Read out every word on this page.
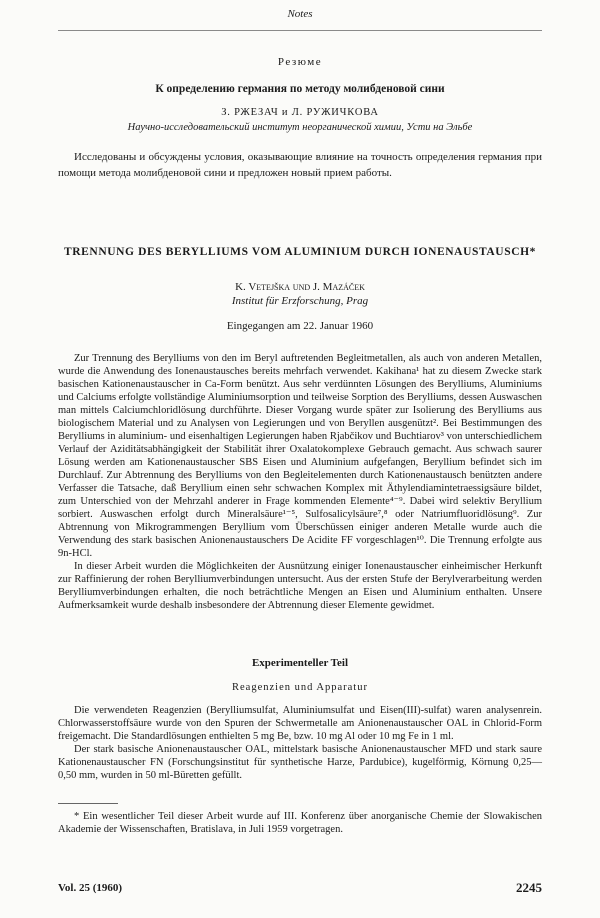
Notes
Резюме
К определению германия по методу молибденовой сини
З. РЖЕЗАЧ и Л. РУЖИЧКОВА
Научно-исследовательский институт неорганической химии, Усти на Эльбе
Исследованы и обсуждены условия, оказывающие влияние на точность определения германия при помощи метода молибденовой сини и предложен новый прием работы.
TRENNUNG DES BERYLLIUMS VOM ALUMINIUM DURCH IONENAUSTAUSCH*
K. Vetejška und J. Mazáček
Institut für Erzforschung, Prag
Eingegangen am 22. Januar 1960

Zur Trennung des Berylliums von den im Beryl auftretenden Begleitmetallen, als auch von anderen Metallen, wurde die Anwendung des Ionenaustausches bereits mehrfach verwendet. Kakihana¹ hat zu diesem Zwecke stark basischen Kationenaustauscher in Ca-Form benützt. Aus sehr verdünnten Lösungen des Berylliums, Aluminiums und Calciums erfolgte vollständige Aluminiumsorption und teilweise Sorption des Berylliums, dessen Auswaschen man mittels Calciumchloridlösung durchführte. Dieser Vorgang wurde später zur Isolierung des Berylliums aus biologischem Material und zu Analysen von Legierungen und von Beryllen ausgenützt². Bei Bestimmungen des Berylliums in aluminium- und eisenhaltigen Legierungen haben Rjabčikov und Buchtiarov³ von unterschiedlichem Verlauf der Aziditätsabhängigkeit der Stabilität ihrer Oxalatokomplexe Gebrauch gemacht. Aus schwach saurer Lösung werden am Kationenaustauscher SBS Eisen und Aluminium aufgefangen, Beryllium befindet sich im Durchlauf. Zur Abtrennung des Berylliums von den Begleitelementen durch Kationenaustausch benützten andere Verfasser die Tatsache, daß Beryllium einen sehr schwachen Komplex mit Äthylendiamintetraessigsäure bildet, zum Unterschied von der Mehrzahl anderer in Frage kommenden Elemente⁴⁻⁹. Dabei wird selektiv Beryllium sorbiert. Auswaschen erfolgt durch Mineralsäure¹⁻⁵, Sulfosalicylsäure⁷,⁸ oder Natriumfluoridlösung⁹. Zur Abtrennung von Mikrogrammengen Beryllium vom Überschüssen einiger anderen Metalle wurde auch die Verwendung des stark basischen Anionenaustauschers De Acidite FF vorgeschlagen¹⁰. Die Trennung erfolgte aus 9n-HCl.

In dieser Arbeit wurden die Möglichkeiten der Ausnützung einiger Ionenaustauscher einheimischer Herkunft zur Raffinierung der rohen Berylliumverbindungen untersucht. Aus der ersten Stufe der Berylverarbeitung werden Berylliumverbindungen erhalten, die noch beträchtliche Mengen an Eisen und Aluminium enthalten. Unsere Aufmerksamkeit wurde deshalb insbesondere der Abtrennung dieser Elemente gewidmet.

Experimenteller Teil
Reagenzien und Apparatur

Die verwendeten Reagenzien (Berylliumsulfat, Aluminiumsulfat und Eisen(III)-sulfat) waren analysenrein. Chlorwasserstoffsäure wurde von den Spuren der Schwermetalle am Anionenaustauscher OAL in Chlorid-Form freigemacht. Die Standardlösungen enthielten 5 mg Be, bzw. 10 mg Al oder 10 mg Fe in 1 ml.

Der stark basische Anionenaustauscher OAL, mittelstark basische Anionenaustauscher MFD und stark saure Kationenaustauscher FN (Forschungsinstitut für synthetische Harze, Pardubice), kugelförmig, Körnung 0,25—0,50 mm, wurden in 50 ml-Büretten gefüllt.

* Ein wesentlicher Teil dieser Arbeit wurde auf III. Konferenz über anorganische Chemie der Slowakischen Akademie der Wissenschaften, Bratislava, in Juli 1959 vorgetragen.
Vol. 25 (1960)	2245
